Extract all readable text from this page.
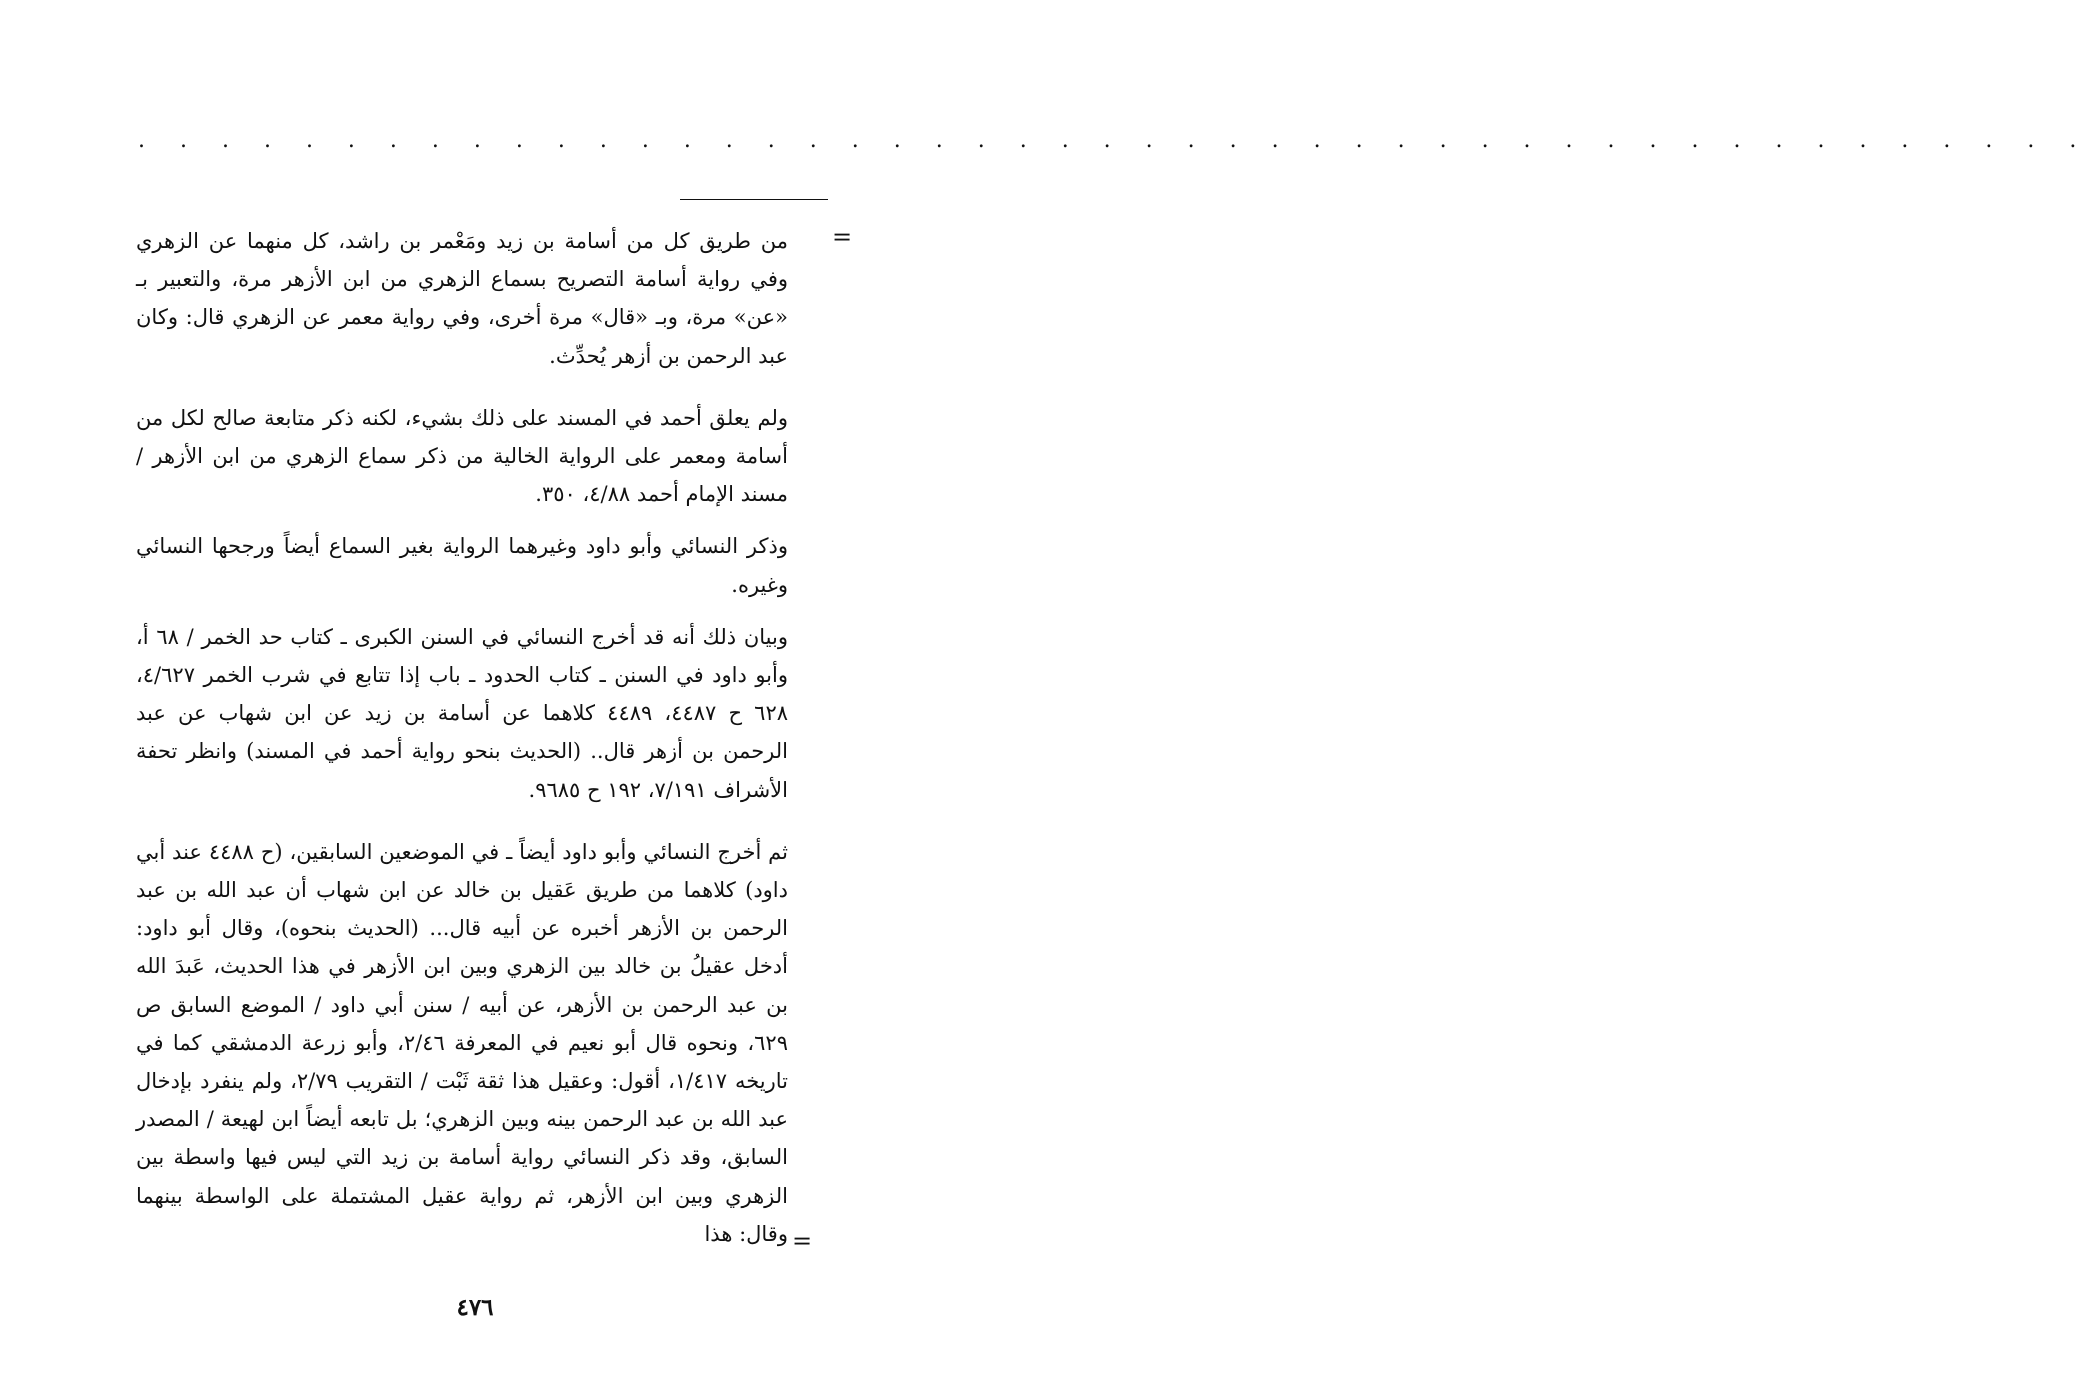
. . . . . . . . . . . . . . . . . . . . . . . . . . . . . . . . . . . . . . . . . . . . . . .
=

من طريق كل من أسامة بن زيد ومَعْمر بن راشد، كل منهما عن الزهري وفي رواية أسامة التصريح بسماع الزهري من ابن الأزهر مرة، والتعبير بـ «عن» مرة، وبـ «قال» مرة أخرى، وفي رواية معمر عن الزهري قال: وكان عبد الرحمن بن أزهر يُحدِّث.

ولم يعلق أحمد في المسند على ذلك بشيء، لكنه ذكر متابعة صالح لكل من أسامة ومعمر على الرواية الخالية من ذكر سماع الزهري من ابن الأزهر / مسند الإمام أحمد ٤/٨٨، ٣٥٠.

وذكر النسائي وأبو داود وغيرهما الرواية بغير السماع أيضاً ورجحها النسائي وغيره.

وبيان ذلك أنه قد أخرج النسائي في السنن الكبرى ـ كتاب حد الخمر / ٦٨ أ، وأبو داود في السنن ـ كتاب الحدود ـ باب إذا تتابع في شرب الخمر ٤/٦٢٧، ٦٢٨ ح ٤٤٨٧، ٤٤٨٩ كلاهما عن أسامة بن زيد عن ابن شهاب عن عبد الرحمن بن أزهر قال.. (الحديث بنحو رواية أحمد في المسند) وانظر تحفة الأشراف ٧/١٩١، ١٩٢ ح ٩٦٨٥.

ثم أخرج النسائي وأبو داود أيضاً ـ في الموضعين السابقين، (ح ٤٤٨٨ عند أبي داود) كلاهما من طريق عَقيل بن خالد عن ابن شهاب أن عبد الله بن عبد الرحمن بن الأزهر أخبره عن أبيه قال... (الحديث بنحوه)، وقال أبو داود: أدخل عقيلُ بن خالد بين الزهري وبين ابن الأزهر في هذا الحديث، عَبدَ الله بن عبد الرحمن بن الأزهر، عن أبيه / سنن أبي داود / الموضع السابق ص ٦٢٩، ونحوه قال أبو نعيم في المعرفة ٢/٤٦، وأبو زرعة الدمشقي كما في تاريخه ١/٤١٧، أقول: وعقيل هذا ثقة ثَبْت / التقريب ٢/٧٩، ولم ينفرد بإدخال عبد الله بن عبد الرحمن بينه وبين الزهري؛ بل تابعه أيضاً ابن لهيعة / المصدر السابق، وقد ذكر النسائي رواية أسامة بن زيد التي ليس فيها واسطة بين الزهري وبين ابن الأزهر، ثم رواية عقيل المشتملة على الواسطة بينهما وقال: هذا =
٤٧٦
